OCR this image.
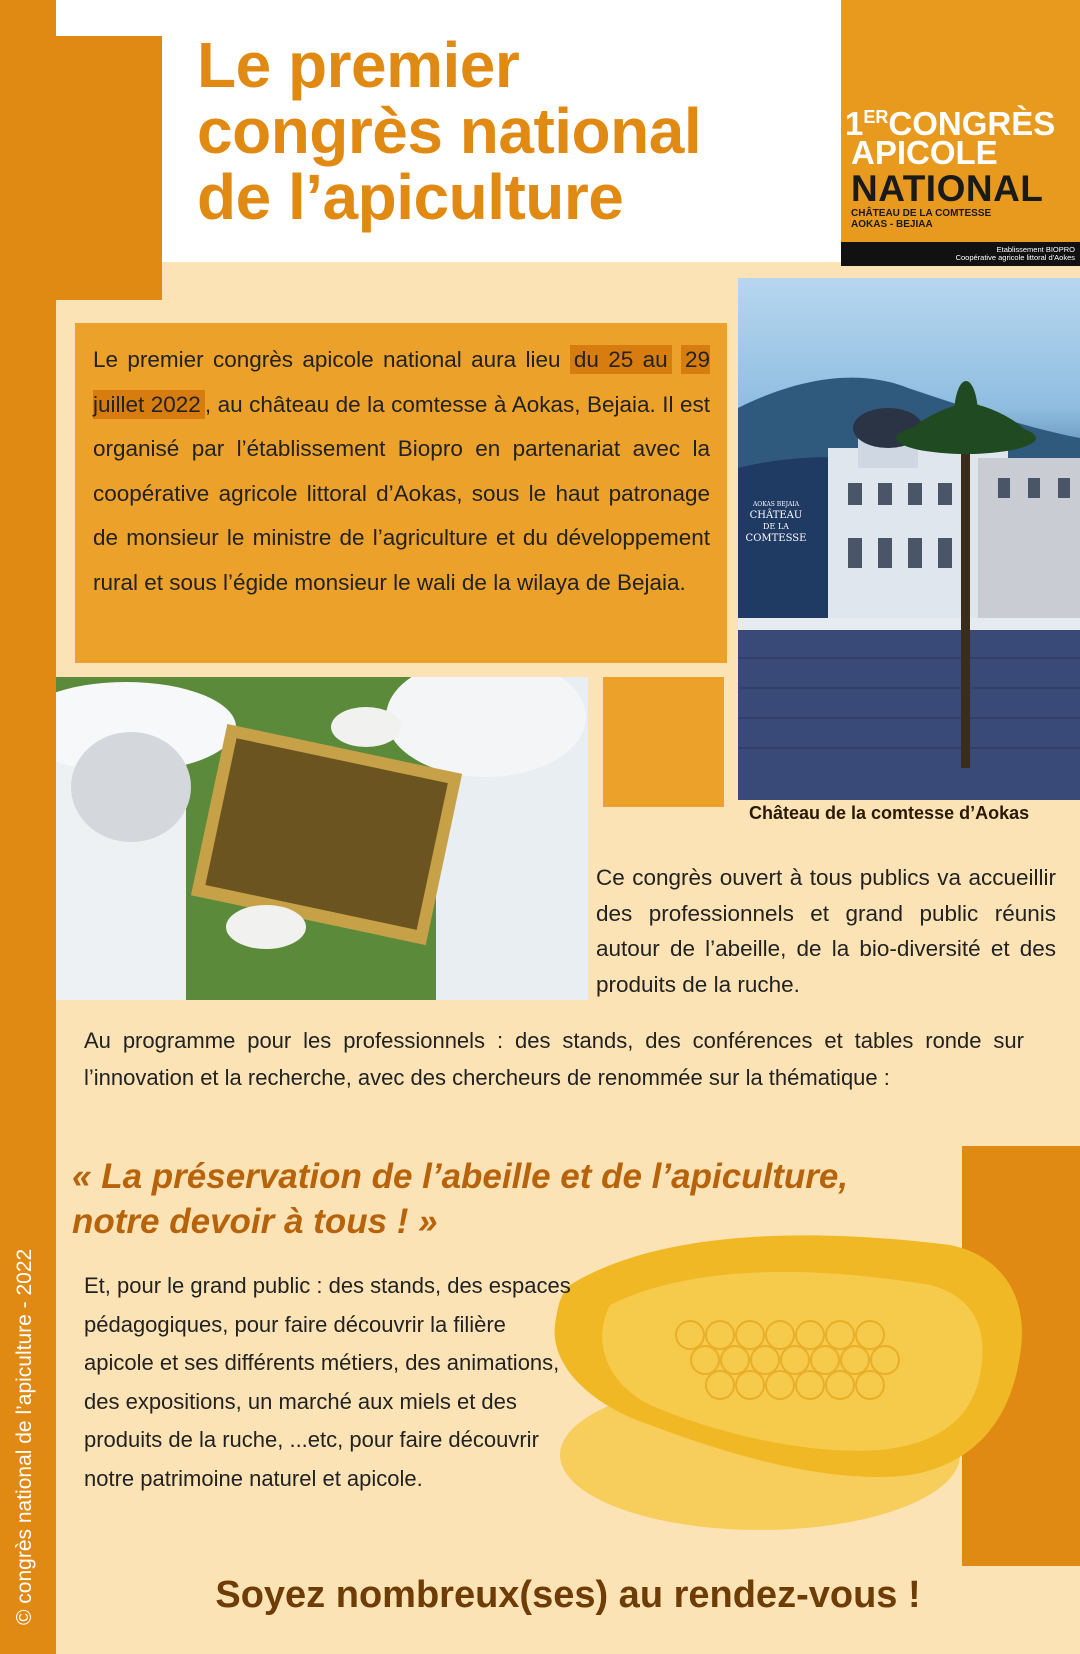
© congrès national de l’apiculture - 2022
Le premier
congrès national
de l’apiculture
1ERCONGRÈS
APICOLE
NATIONAL
CHÂTEAU DE LA COMTESSE
AOKAS - BEJIAA
Etablissement BIOPRO
Coopérative agricole littoral d'Aokes
Le premier congrès apicole national aura lieu du 25 au 29 juillet 2022 , au château de la comtesse à Aokas, Bejaia. Il est organisé par l’établissement Biopro en partenariat avec la coopérative agricole littoral d’Aokas, sous le haut patronage de monsieur le ministre de l’agriculture et du développement rural et sous l’égide monsieur le wali de la wilaya de Bejaia.
AOKAS BEJAIA
CHÂTEAU
DE LA
COMTESSE
Château de la comtesse d’Aokas
Ce congrès ouvert à tous publics va accueillir des professionnels et grand public réunis autour de l’abeille, de la bio-diversité et des produits de la ruche.
Au programme pour les professionnels : des stands, des conférences et tables ronde sur l’innovation et la recherche, avec des chercheurs de renommée sur la thématique :
« La préservation de l’abeille et de l’apiculture,
notre devoir à tous ! »
Et, pour le grand public : des stands, des espaces pédagogiques, pour faire découvrir la filière apicole et ses différents métiers, des animations, des expositions, un marché aux miels et des produits de la ruche, ...etc, pour faire découvrir notre patrimoine naturel et apicole.
Soyez nombreux(ses) au rendez-vous !
